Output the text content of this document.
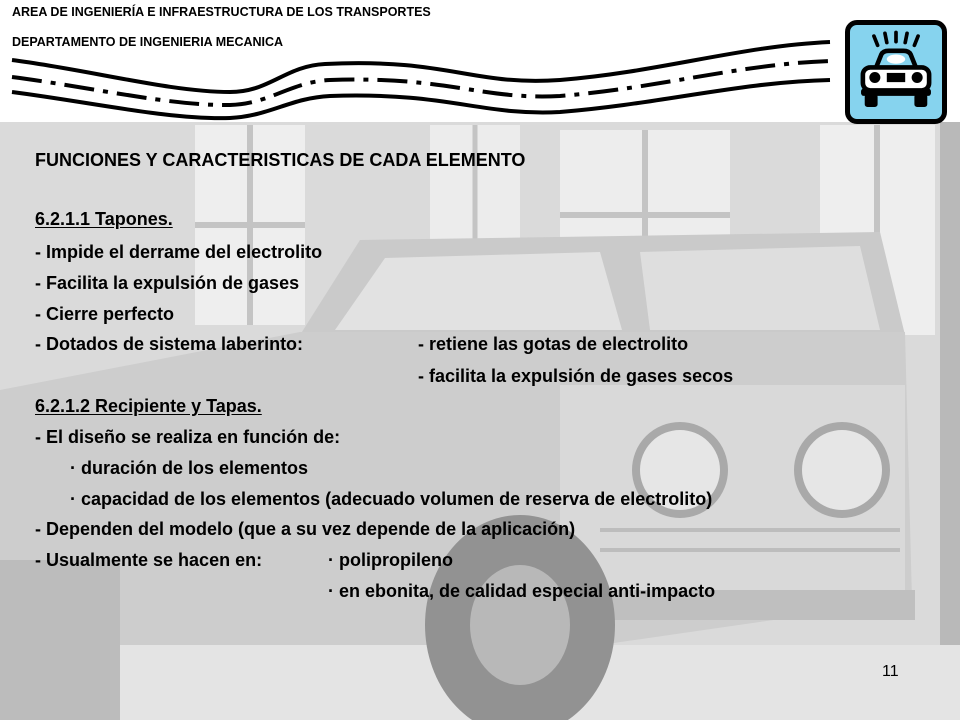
AREA DE INGENIERÍA E INFRAESTRUCTURA DE LOS TRANSPORTES
DEPARTAMENTO DE INGENIERIA MECANICA
FUNCIONES Y CARACTERISTICAS DE CADA ELEMENTO
6.2.1.1 Tapones.
- Impide el derrame del electrolito
- Facilita la expulsión de gases
- Cierre perfecto
- Dotados de sistema laberinto:	- retiene las gotas de electrolito
- facilita la expulsión de gases secos
6.2.1.2 Recipiente y Tapas.
- El diseño se realiza en función de:
· duración de los elementos
· capacidad de los elementos (adecuado volumen de reserva de electrolito)
- Dependen del modelo (que a su vez depende de la aplicación)
- Usualmente se hacen en:	· polipropileno
· en ebonita, de calidad especial anti-impacto
11
